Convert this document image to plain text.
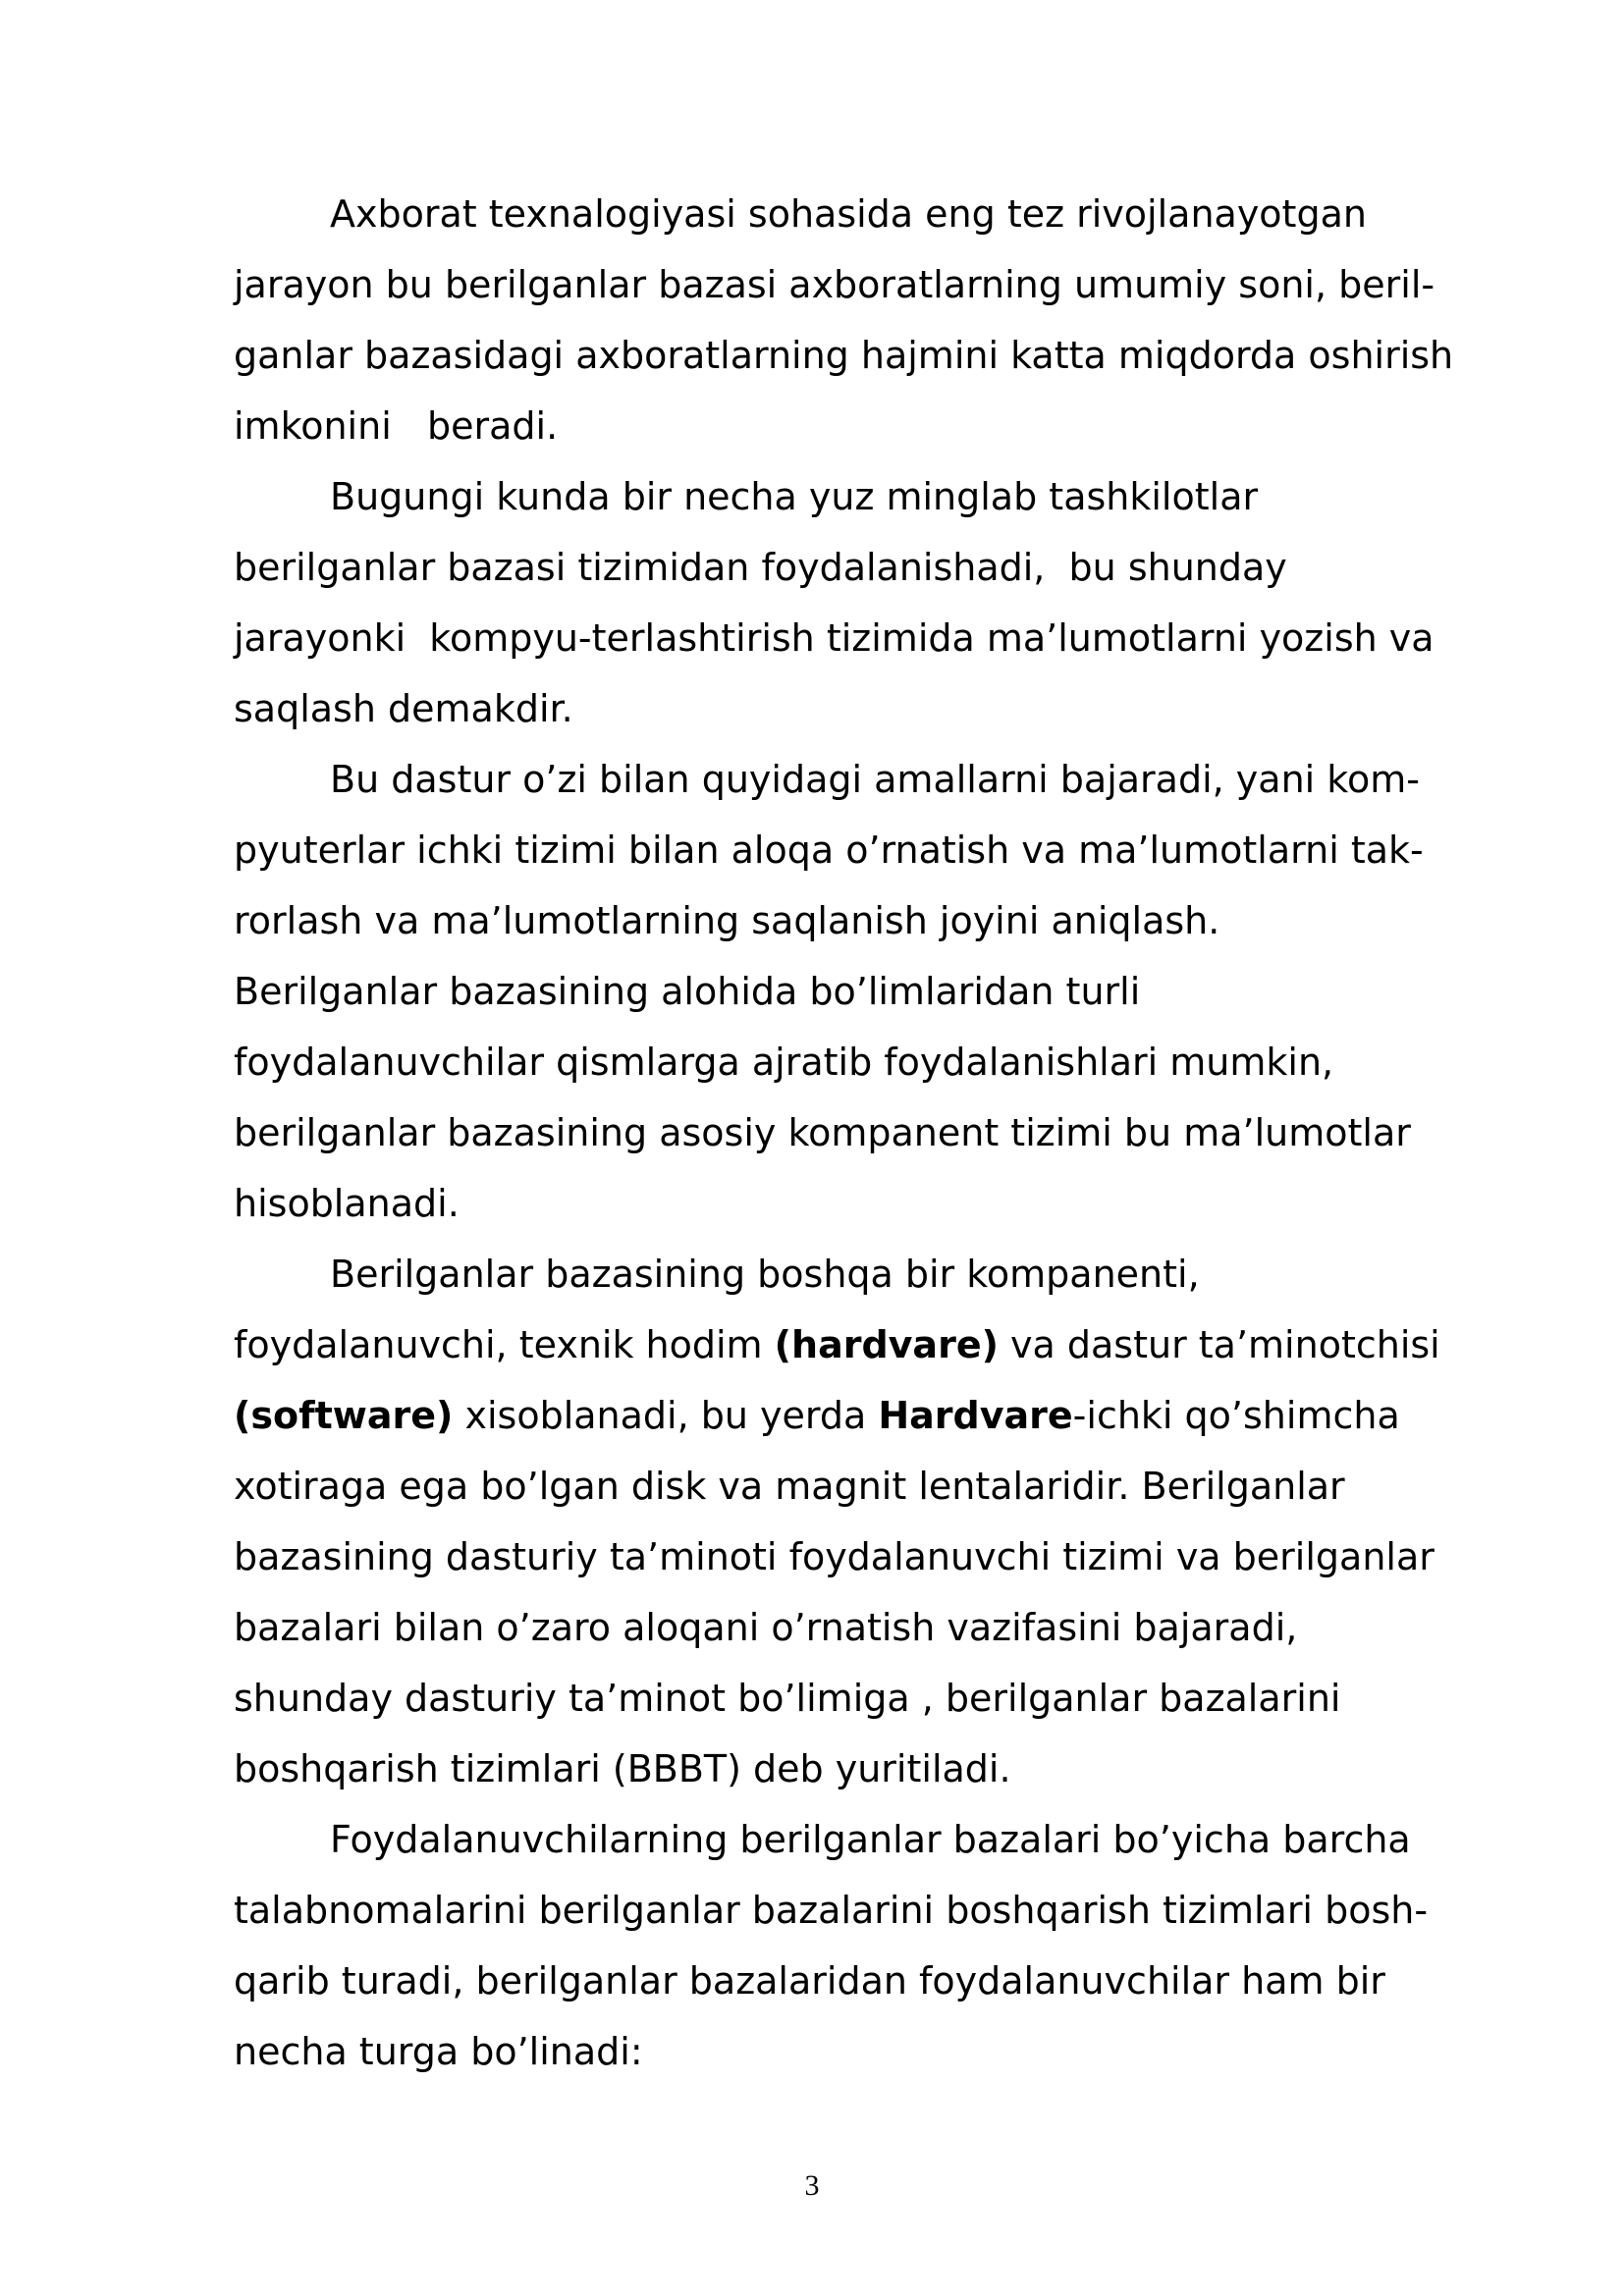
Axborat texnalogiyasi sohasida eng tez rivojlanayotgan
jarayon bu berilganlar bazasi axboratlarning umumiy soni, beril-
ganlar bazasidagi axboratlarning hajmini katta miqdorda oshirish
imkonini   beradi.
Bugungi kunda bir necha yuz minglab tashkilotlar
berilganlar bazasi tizimidan foydalanishadi,  bu shunday
jarayonki  kompyu-terlashtirish tizimida ma’lumotlarni yozish va
saqlash demakdir.
Bu dastur o’zi bilan quyidagi amallarni bajaradi, yani kom-
pyuterlar ichki tizimi bilan aloqa o’rnatish va ma’lumotlarni tak-
rorlash va ma’lumotlarning saqlanish joyini aniqlash.
Berilganlar bazasining alohida bo’limlaridan turli
foydalanuvchilar qismlarga ajratib foydalanishlari mumkin,
berilganlar bazasining asosiy kompanent tizimi bu ma’lumotlar
hisoblanadi.
Berilganlar bazasining boshqa bir kompanenti,
foydalanuvchi, texnik hodim (hardvare) va dastur ta’minotchisi
(software) xisoblanadi, bu yerda Hardvare-ichki qo’shimcha
xotiraga ega bo’lgan disk va magnit lentalaridir. Berilganlar
bazasining dasturiy ta’minoti foydalanuvchi tizimi va berilganlar
bazalari bilan o’zaro aloqani o’rnatish vazifasini bajaradi,
shunday dasturiy ta’minot bo’limiga , berilganlar bazalarini
boshqarish tizimlari (BBBT) deb yuritiladi.
Foydalanuvchilarning berilganlar bazalari bo’yicha barcha
talabnomalarini berilganlar bazalarini boshqarish tizimlari bosh-
qarib turadi, berilganlar bazalaridan foydalanuvchilar ham bir
necha turga bo’linadi:
3
